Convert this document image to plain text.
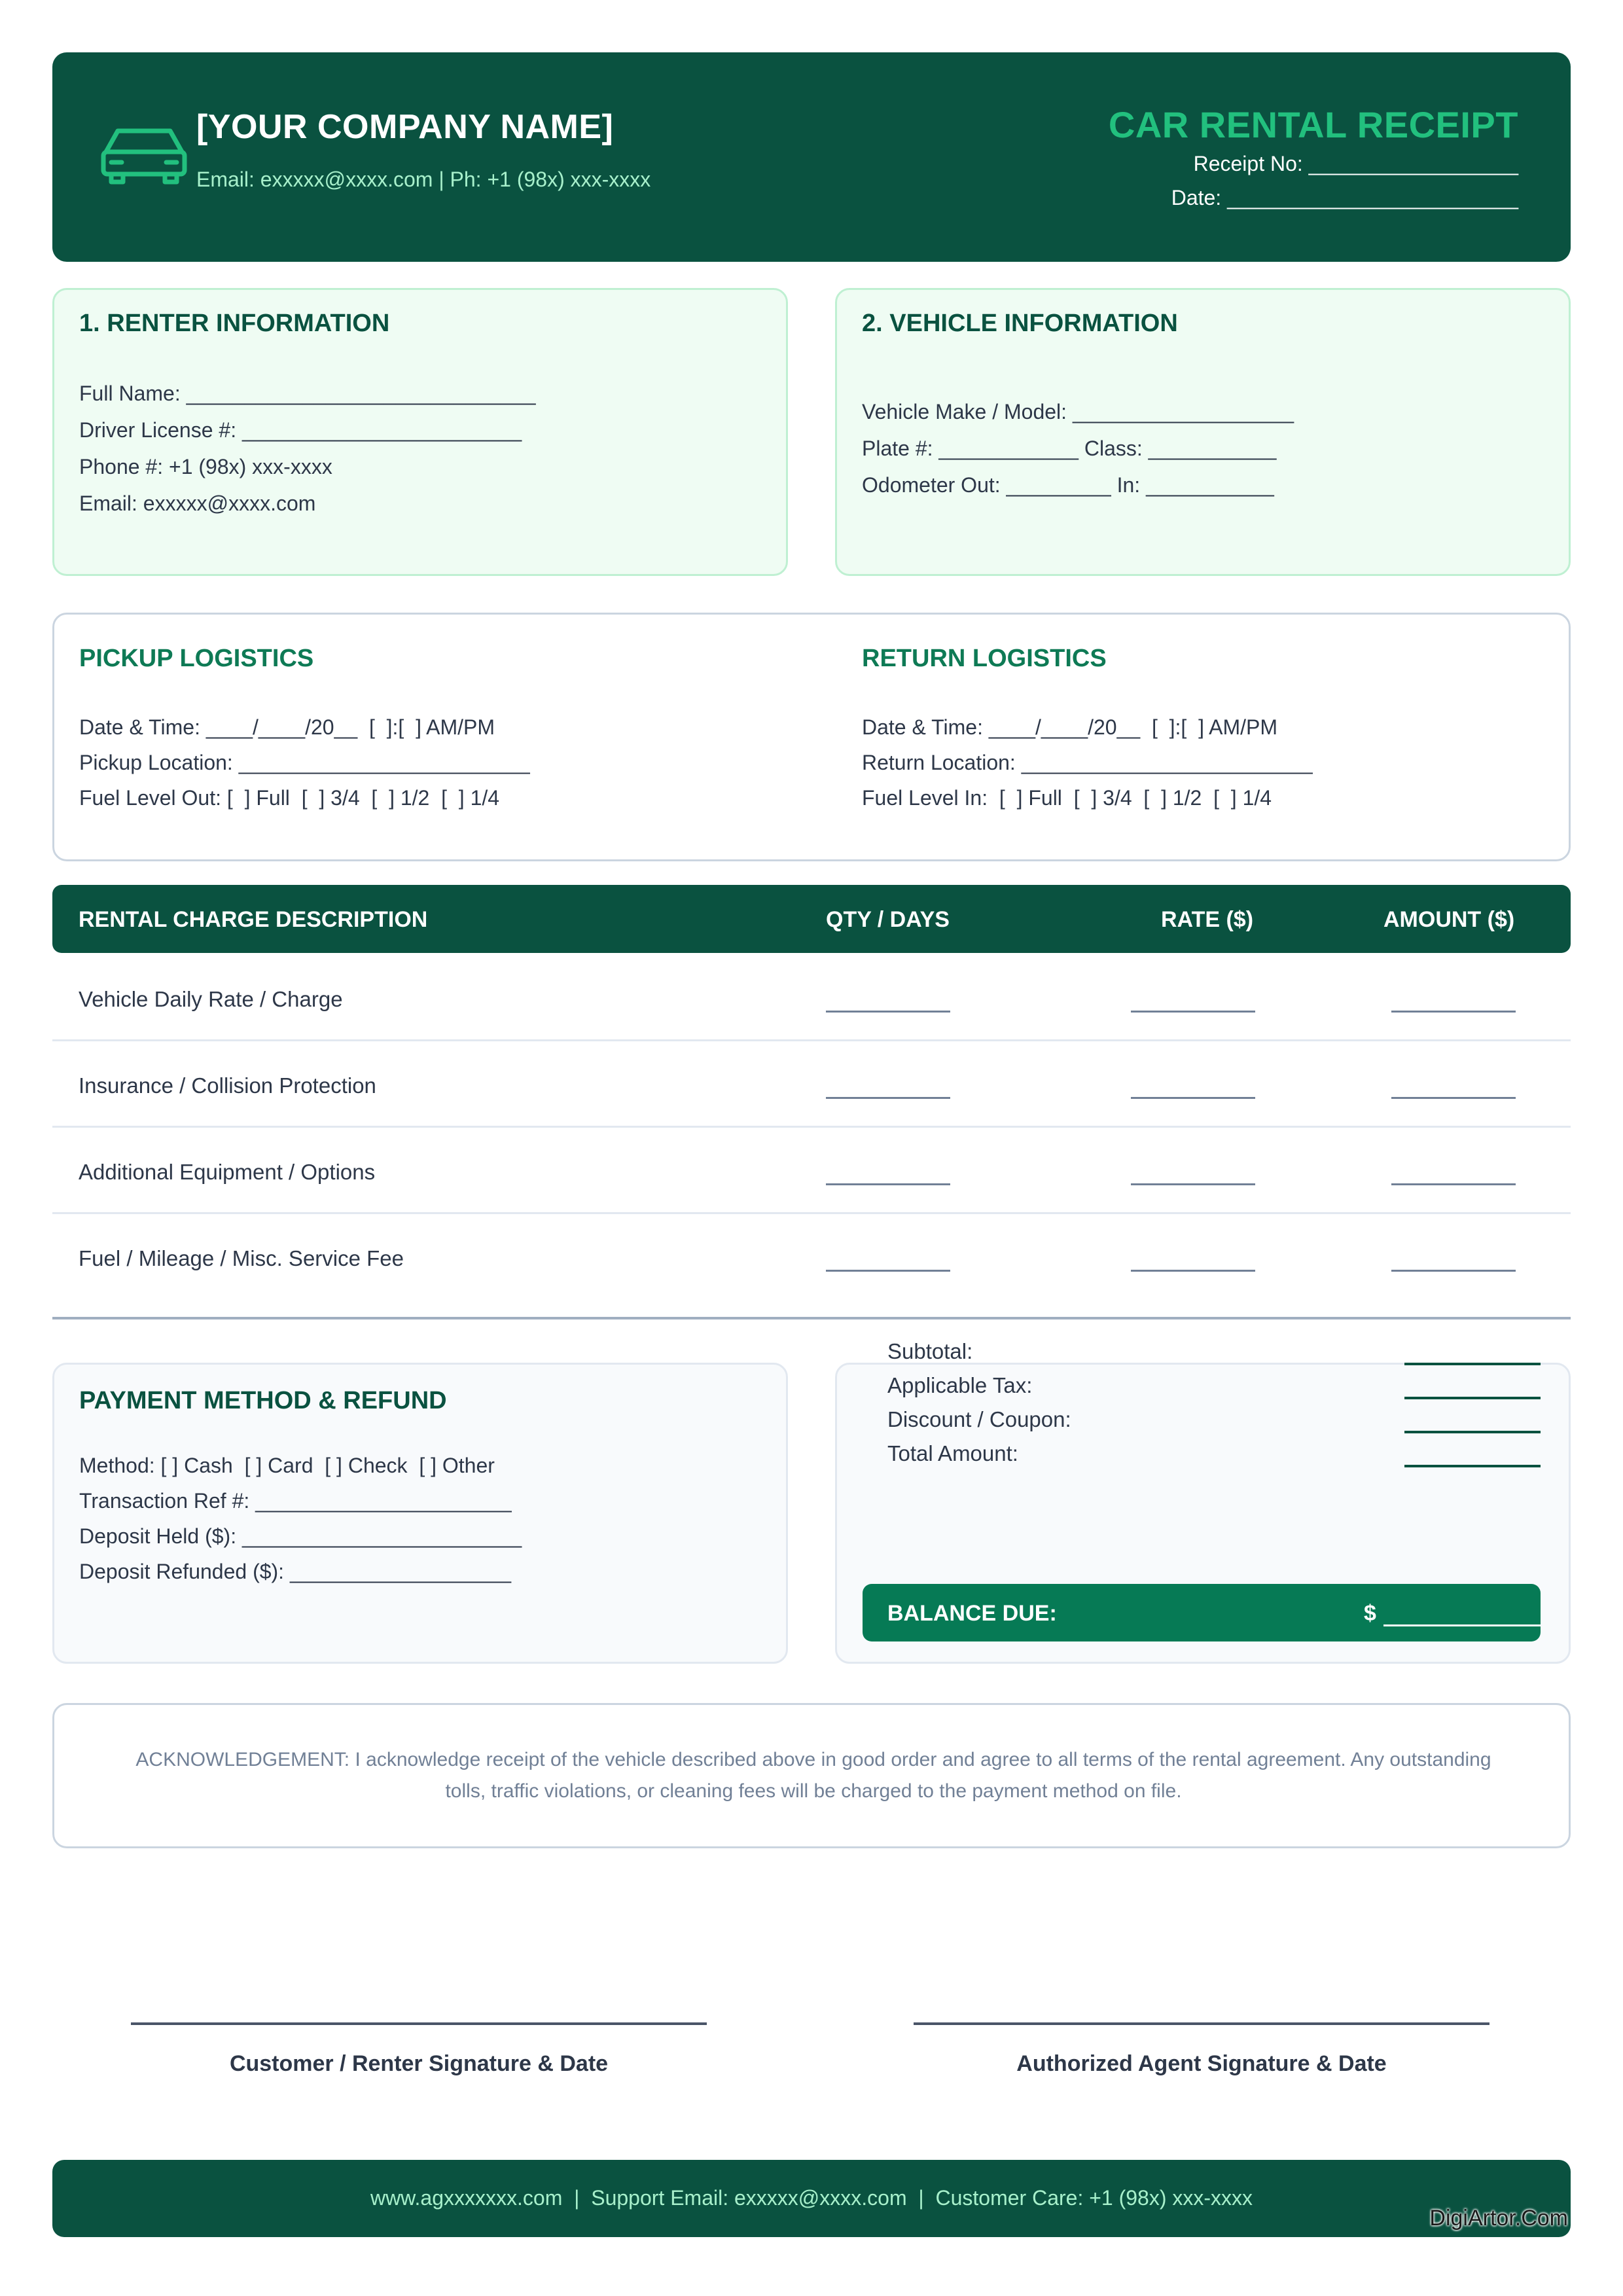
[YOUR COMPANY NAME]
Email: exxxxx@xxxx.com | Ph: +1 (98x) xxx-xxxx
CAR RENTAL RECEIPT
Receipt No: __________________
Date: _________________________
1. RENTER INFORMATION
Full Name: ______________________________
Driver License #: ________________________
Phone #: +1 (98x) xxx-xxxx
Email: exxxxx@xxxx.com
2. VEHICLE INFORMATION
Vehicle Make / Model: ___________________
Plate #: ____________ Class: ___________
Odometer Out: _________ In: ___________
PICKUP LOGISTICS
Date & Time: ____/____/20__  [  ]:[  ] AM/PM
Pickup Location: _________________________
Fuel Level Out: [  ] Full  [  ] 3/4  [  ] 1/2  [  ] 1/4
RETURN LOGISTICS
Date & Time: ____/____/20__  [  ]:[  ] AM/PM
Return Location: _________________________
Fuel Level In:  [  ] Full  [  ] 3/4  [  ] 1/2  [  ] 1/4
RENTAL CHARGE DESCRIPTION	QTY / DAYS	RATE ($)	AMOUNT ($)
Vehicle Daily Rate / Charge
Insurance / Collision Protection
Additional Equipment / Options
Fuel / Mileage / Misc. Service Fee
PAYMENT METHOD & REFUND
Method: [ ] Cash  [ ] Card  [ ] Check  [ ] Other
Transaction Ref #: ______________________
Deposit Held ($): ________________________
Deposit Refunded ($): ___________________
Subtotal:
Applicable Tax:
Discount / Coupon:
Total Amount:
BALANCE DUE:	$
ACKNOWLEDGEMENT: I acknowledge receipt of the vehicle described above in good order and agree to all terms of the rental agreement. Any outstanding tolls, traffic violations, or cleaning fees will be charged to the payment method on file.
Customer / Renter Signature & Date	Authorized Agent Signature & Date
www.agxxxxxxx.com  |  Support Email: exxxxx@xxxx.com  |  Customer Care: +1 (98x) xxx-xxxx
DigiArtor.Com
